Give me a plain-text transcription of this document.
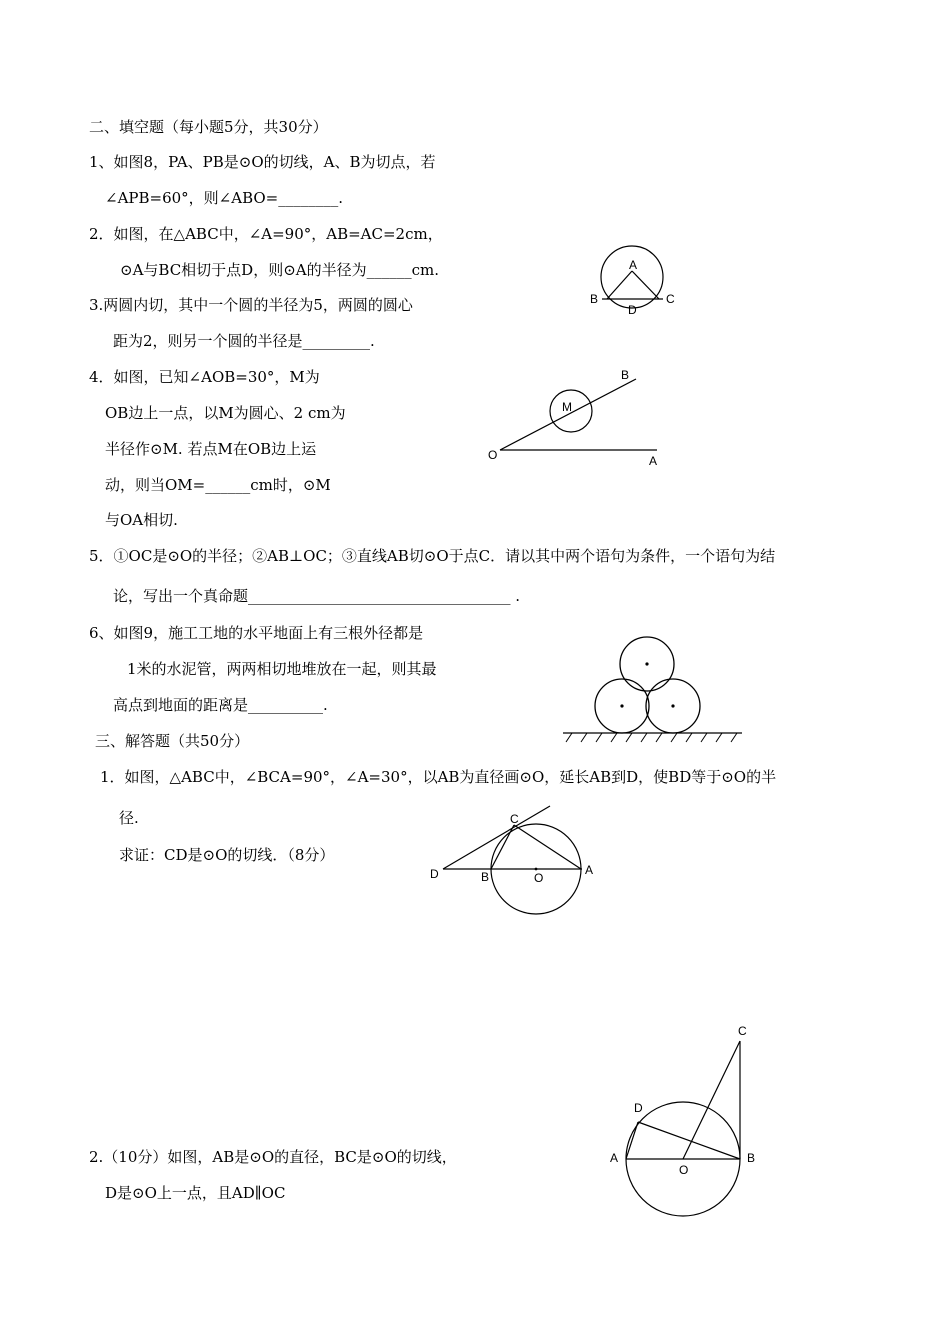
二、填空题（每小题5分，共30分）
1、如图8，PA、PB是⊙O的切线，A、B为切点，若
∠APB=60°，则∠ABO=________.
2．如图，在△ABC中，∠A=90°，AB=AC=2cm，
⊙A与BC相切于点D，则⊙A的半径为______cm.	A
B	C
D
3.两圆内切，其中一个圆的半径为5，两圆的圆心
距为2，则另一个圆的半径是_________.
4．如图，已知∠AOB=30°，M为
OB边上一点，以M为圆心、2 cm为
半径作⊙M. 若点M在OB边上运
动，则当OM=______cm时，⊙M
与OA相切.
O	A
B
M
5．①OC是⊙O的半径；②AB⊥OC；③直线AB切⊙O于点C．请以其中两个语句为条件，一个语句为结
论，写出一个真命题___________________________________ .
6、如图9，施工工地的水平地面上有三根外径都是
1米的水泥管，两两相切地堆放在一起，则其最
高点到地面的距离是__________.
三、解答题（共50分）
1．如图，△ABC中，∠BCA=90°，∠A=30°，以AB为直径画⊙O，延长AB到D，使BD等于⊙O的半
径.
求证：CD是⊙O的切线．（8分）
C
D	B	O
A
C
D
A
O
B
2.（10分）如图，AB是⊙O的直径，BC是⊙O的切线，
D是⊙O上一点，且AD∥OC
